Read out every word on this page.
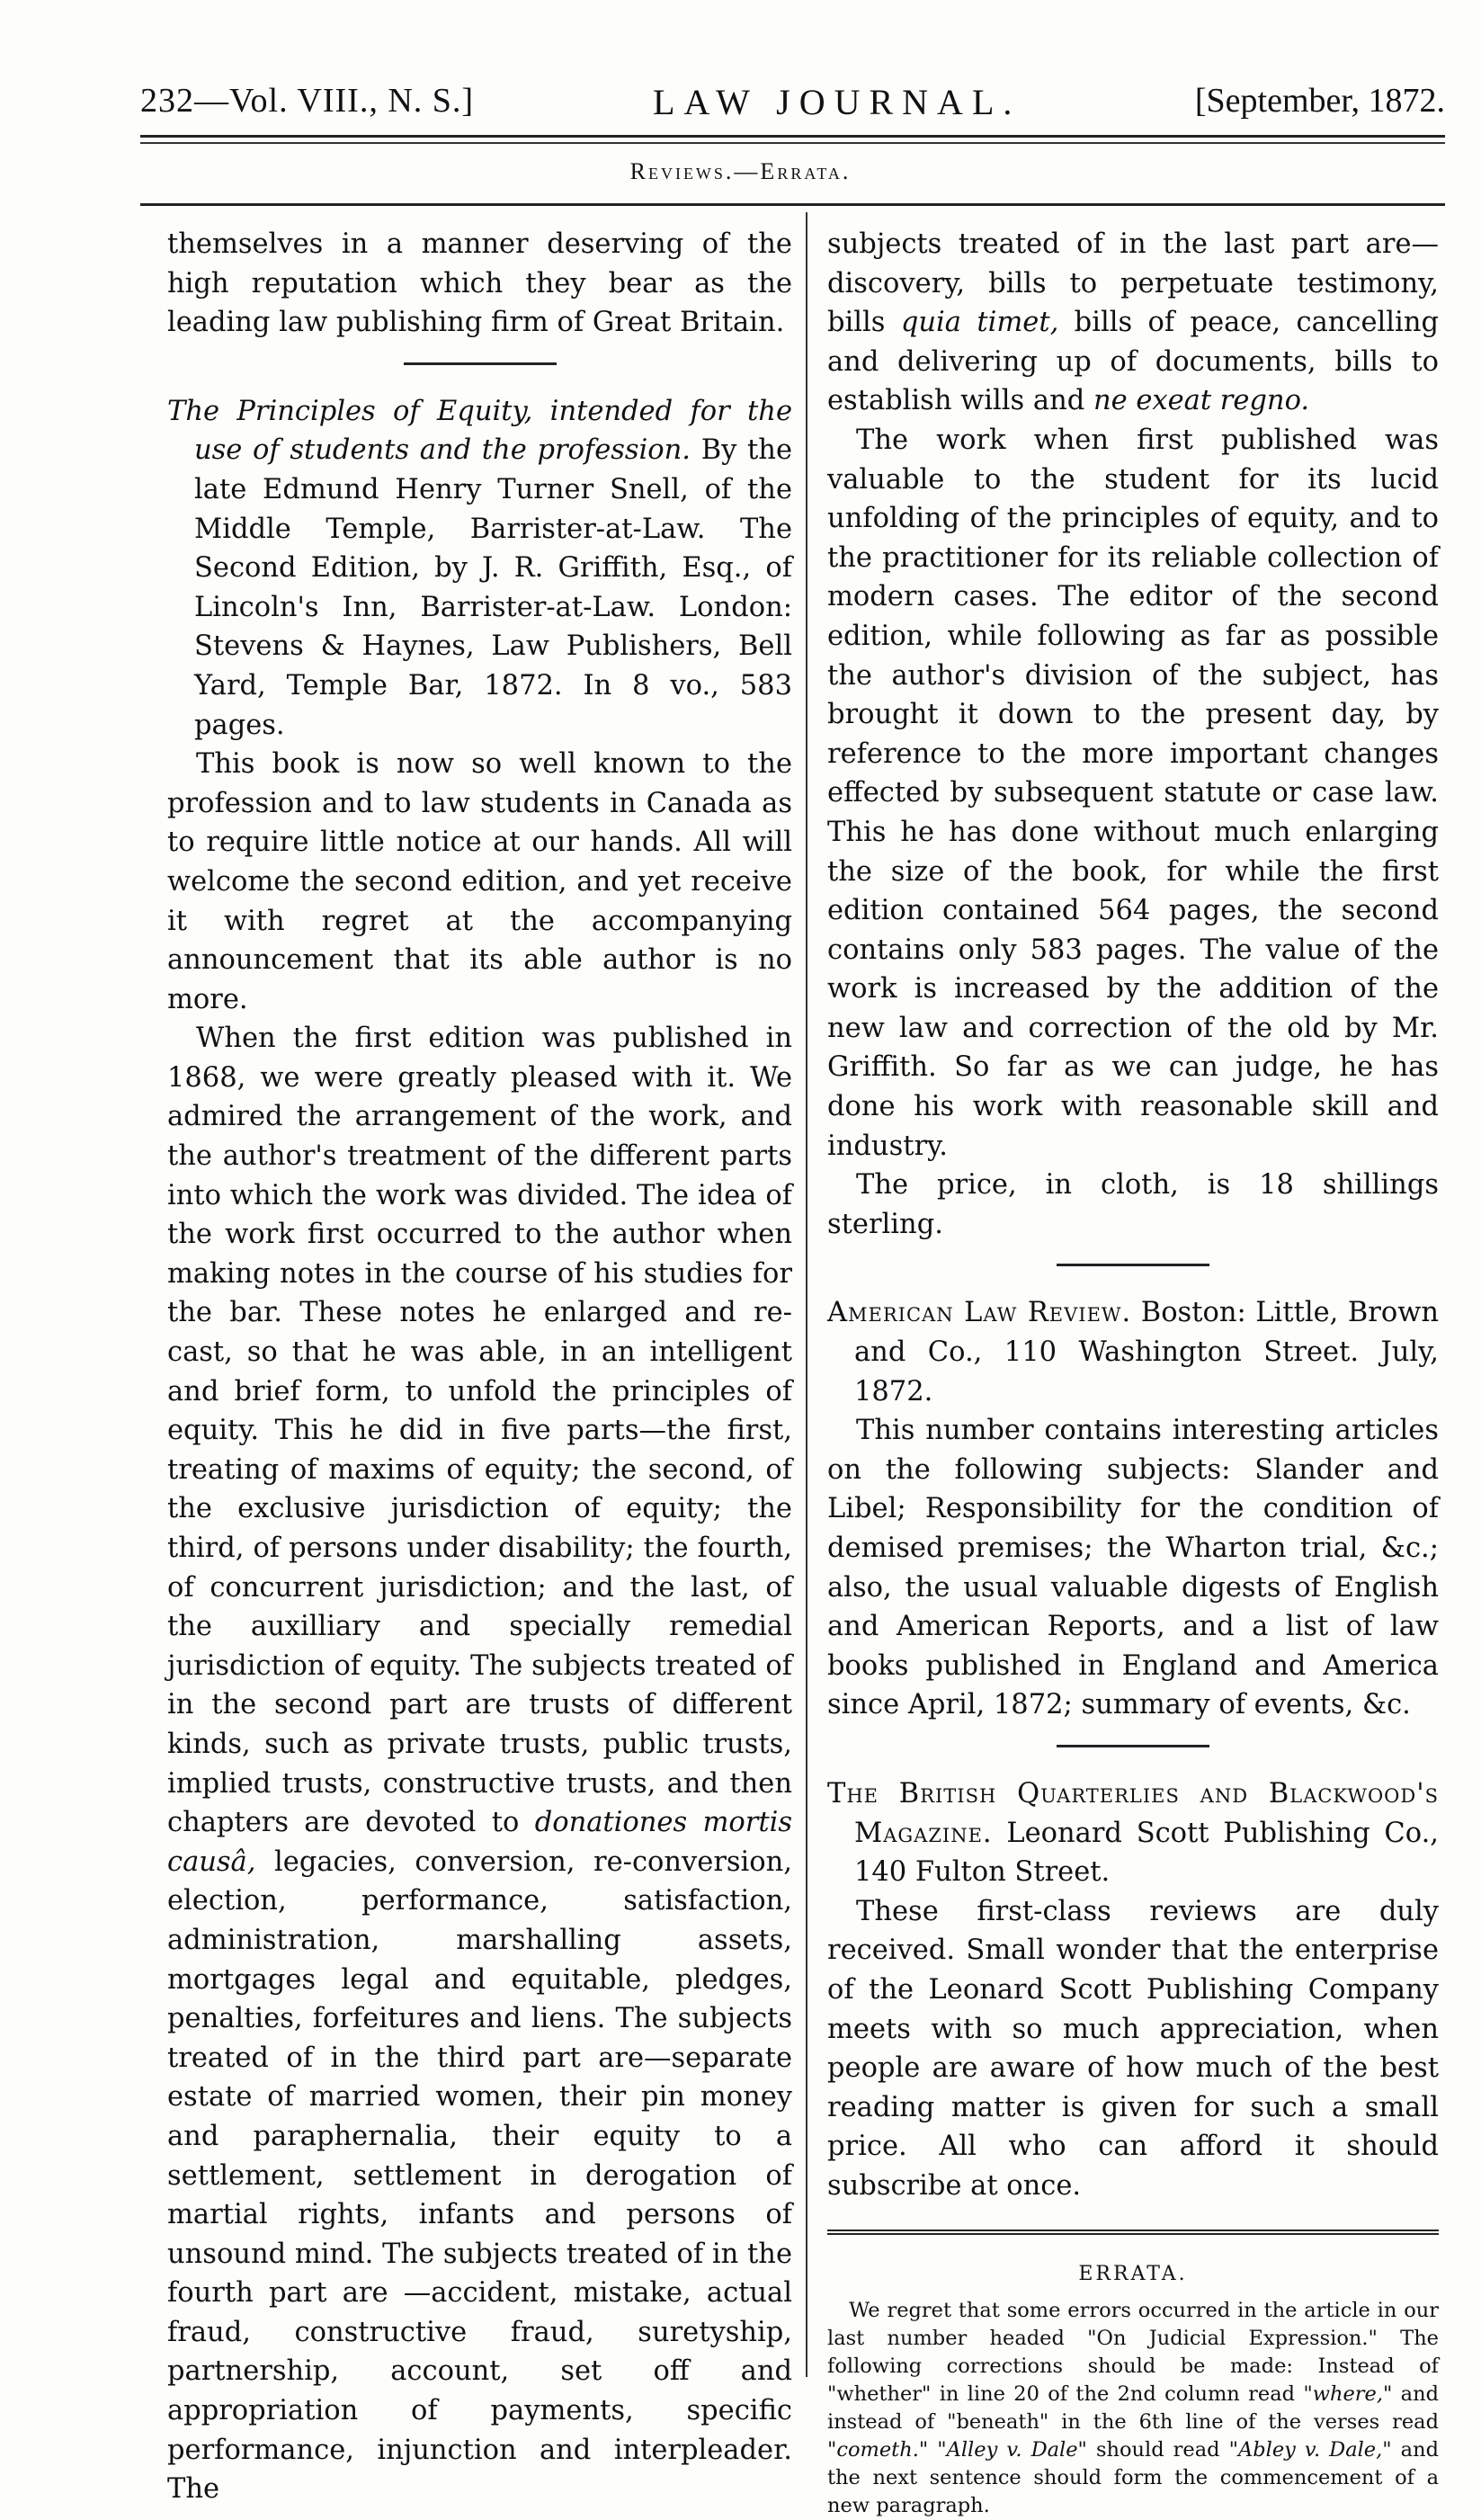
232—Vol. VIII., N. S.]	LAW JOURNAL.	[September, 1872.
Reviews.—Errata.

themselves in a manner deserving of the high reputation which they bear as the leading law publishing firm of Great Britain.

The Principles of Equity, intended for the use of students and the profession. By the late Edmund Henry Turner Snell, of the Middle Temple, Barrister-at-Law. The Second Edition, by J. R. Griffith, Esq., of Lincoln's Inn, Barrister-at-Law. London: Stevens & Haynes, Law Publishers, Bell Yard, Temple Bar, 1872. In 8 vo., 583 pages.

This book is now so well known to the profession and to law students in Canada as to require little notice at our hands. All will welcome the second edition, and yet receive it with regret at the accompanying announcement that its able author is no more.

When the first edition was published in 1868, we were greatly pleased with it. We admired the arrangement of the work, and the author's treatment of the different parts into which the work was divided. The idea of the work first occurred to the author when making notes in the course of his studies for the bar. These notes he enlarged and re-cast, so that he was able, in an intelligent and brief form, to unfold the principles of equity. This he did in five parts—the first, treating of maxims of equity; the second, of the exclusive jurisdiction of equity; the third, of persons under disability; the fourth, of concurrent jurisdiction; and the last, of the auxilliary and specially remedial jurisdiction of equity. The subjects treated of in the second part are trusts of different kinds, such as private trusts, public trusts, implied trusts, constructive trusts, and then chapters are devoted to donationes mortis causâ, legacies, conversion, re-conversion, election, performance, satisfaction, administration, marshalling assets, mortgages legal and equitable, pledges, penalties, forfeitures and liens. The subjects treated of in the third part are—separate estate of married women, their pin money and paraphernalia, their equity to a settlement, settlement in derogation of martial rights, infants and persons of unsound mind. The subjects treated of in the fourth part are —accident, mistake, actual fraud, constructive fraud, suretyship, partnership, account, set off and appropriation of payments, specific performance, injunction and interpleader. The

subjects treated of in the last part are—discovery, bills to perpetuate testimony, bills quia timet, bills of peace, cancelling and delivering up of documents, bills to establish wills and ne exeat regno.

The work when first published was valuable to the student for its lucid unfolding of the principles of equity, and to the practitioner for its reliable collection of modern cases. The editor of the second edition, while following as far as possible the author's division of the subject, has brought it down to the present day, by reference to the more important changes effected by subsequent statute or case law. This he has done without much enlarging the size of the book, for while the first edition contained 564 pages, the second contains only 583 pages. The value of the work is increased by the addition of the new law and correction of the old by Mr. Griffith. So far as we can judge, he has done his work with reasonable skill and industry.

The price, in cloth, is 18 shillings sterling.

American Law Review. Boston: Little, Brown and Co., 110 Washington Street. July, 1872.

This number contains interesting articles on the following subjects: Slander and Libel; Responsibility for the condition of demised premises; the Wharton trial, &c.; also, the usual valuable digests of English and American Reports, and a list of law books published in England and America since April, 1872; summary of events, &c.

The British Quarterlies and Blackwood's Magazine. Leonard Scott Publishing Co., 140 Fulton Street.

These first-class reviews are duly received. Small wonder that the enterprise of the Leonard Scott Publishing Company meets with so much appreciation, when people are aware of how much of the best reading matter is given for such a small price. All who can afford it should subscribe at once.

ERRATA.

We regret that some errors occurred in the article in our last number headed "On Judicial Expression." The following corrections should be made: Instead of "whether" in line 20 of the 2nd column read "where," and instead of "beneath" in the 6th line of the verses read "cometh." "Alley v. Dale" should read "Abley v. Dale," and the next sentence should form the commencement of a new paragraph.
